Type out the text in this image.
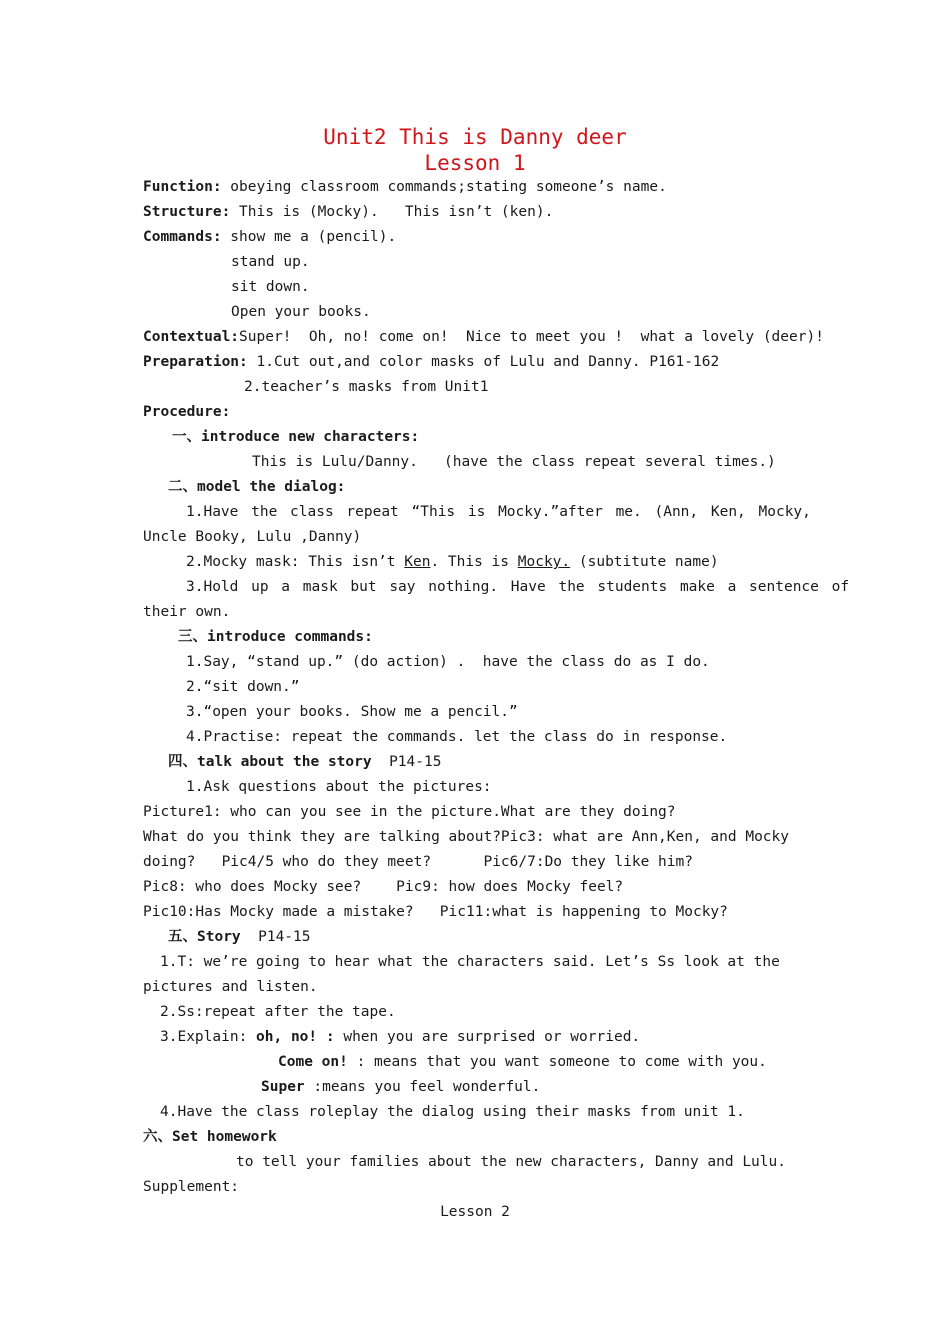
Unit2 This is Danny deer
Lesson 1
Function: obeying classroom commands;stating someone’s name.
Structure: This is (Mocky).   This isn’t (ken).
Commands: show me a (pencil).
stand up.
sit down.
Open your books.
Contextual:Super!  Oh, no! come on!  Nice to meet you !  what a lovely (deer)!
Preparation: 1.Cut out,and color masks of Lulu and Danny. P161-162
2.teacher’s masks from Unit1
Procedure:
一、introduce new characters:
This is Lulu/Danny.   (have the class repeat several times.)
二、model the dialog:
1.Have the class repeat “This is Mocky.”after me. (Ann, Ken, Mocky,
Uncle Booky, Lulu ,Danny)
2.Mocky mask: This isn’t Ken. This is Mocky. (subtitute name)
3.Hold up a mask but say nothing. Have the students make a sentence of
their own.
三、introduce commands:
1.Say, “stand up.” (do action) .  have the class do as I do.
2.“sit down.”
3.“open your books. Show me a pencil.”
4.Practise: repeat the commands. let the class do in response.
四、talk about the story  P14-15
1.Ask questions about the pictures:
Picture1: who can you see in the picture.What are they doing?
What do you think they are talking about?Pic3: what are Ann,Ken, and Mocky
doing?   Pic4/5 who do they meet?      Pic6/7:Do they like him?
Pic8: who does Mocky see?    Pic9: how does Mocky feel?
Pic10:Has Mocky made a mistake?   Pic11:what is happening to Mocky?
五、Story  P14-15
1.T: we’re going to hear what the characters said. Let’s Ss look at the
pictures and listen.
2.Ss:repeat after the tape.
3.Explain: oh, no! : when you are surprised or worried.
Come on! : means that you want someone to come with you.
Super :means you feel wonderful.
4.Have the class roleplay the dialog using their masks from unit 1.
六、Set homework
to tell your families about the new characters, Danny and Lulu.
Supplement:
Lesson 2
